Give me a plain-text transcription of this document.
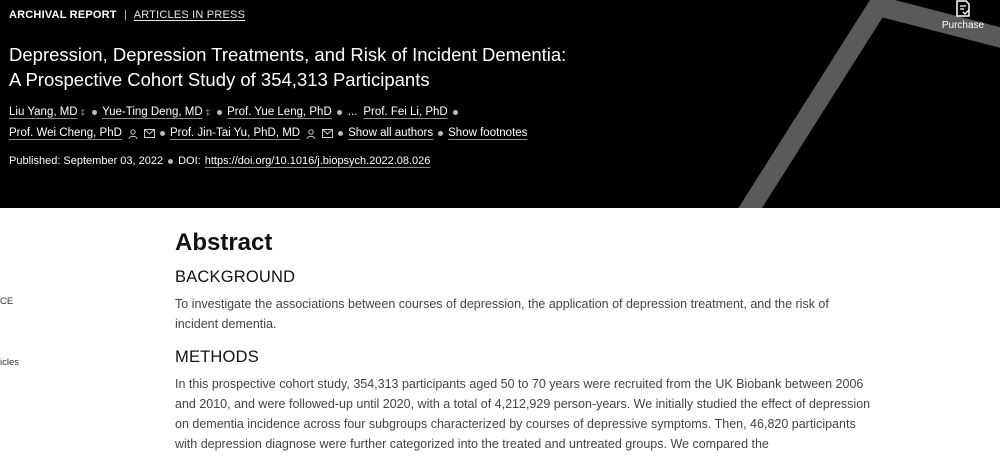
ARCHIVAL REPORT | ARTICLES IN PRESS
Depression, Depression Treatments, and Risk of Incident Dementia:
A Prospective Cohort Study of 354,313 Participants
Liu Yang, MD ‡ Yue-Ting Deng, MD ‡ Prof. Yue Leng, PhD ... Prof. Fei Li, PhD
Prof. Wei Cheng, PhD	Prof. Jin-Tai Yu, PhD, MD	Show all authors Show footnotes
Published: September 03, 2022 DOI: https://doi.org/10.1016/j.biopsych.2022.08.026
Purchase
CE
icles
Abstract
BACKGROUND

To investigate the associations between courses of depression, the application of depression treatment, and the risk of incident dementia.

METHODS

In this prospective cohort study, 354,313 participants aged 50 to 70 years were recruited from the UK Biobank between 2006 and 2010, and were followed-up until 2020, with a total of 4,212,929 person-years. We initially studied the effect of depression on dementia incidence across four subgroups characterized by courses of depressive symptoms. Then, 46,820 participants with depression diagnose were further categorized into the treated and untreated groups. We compared the
